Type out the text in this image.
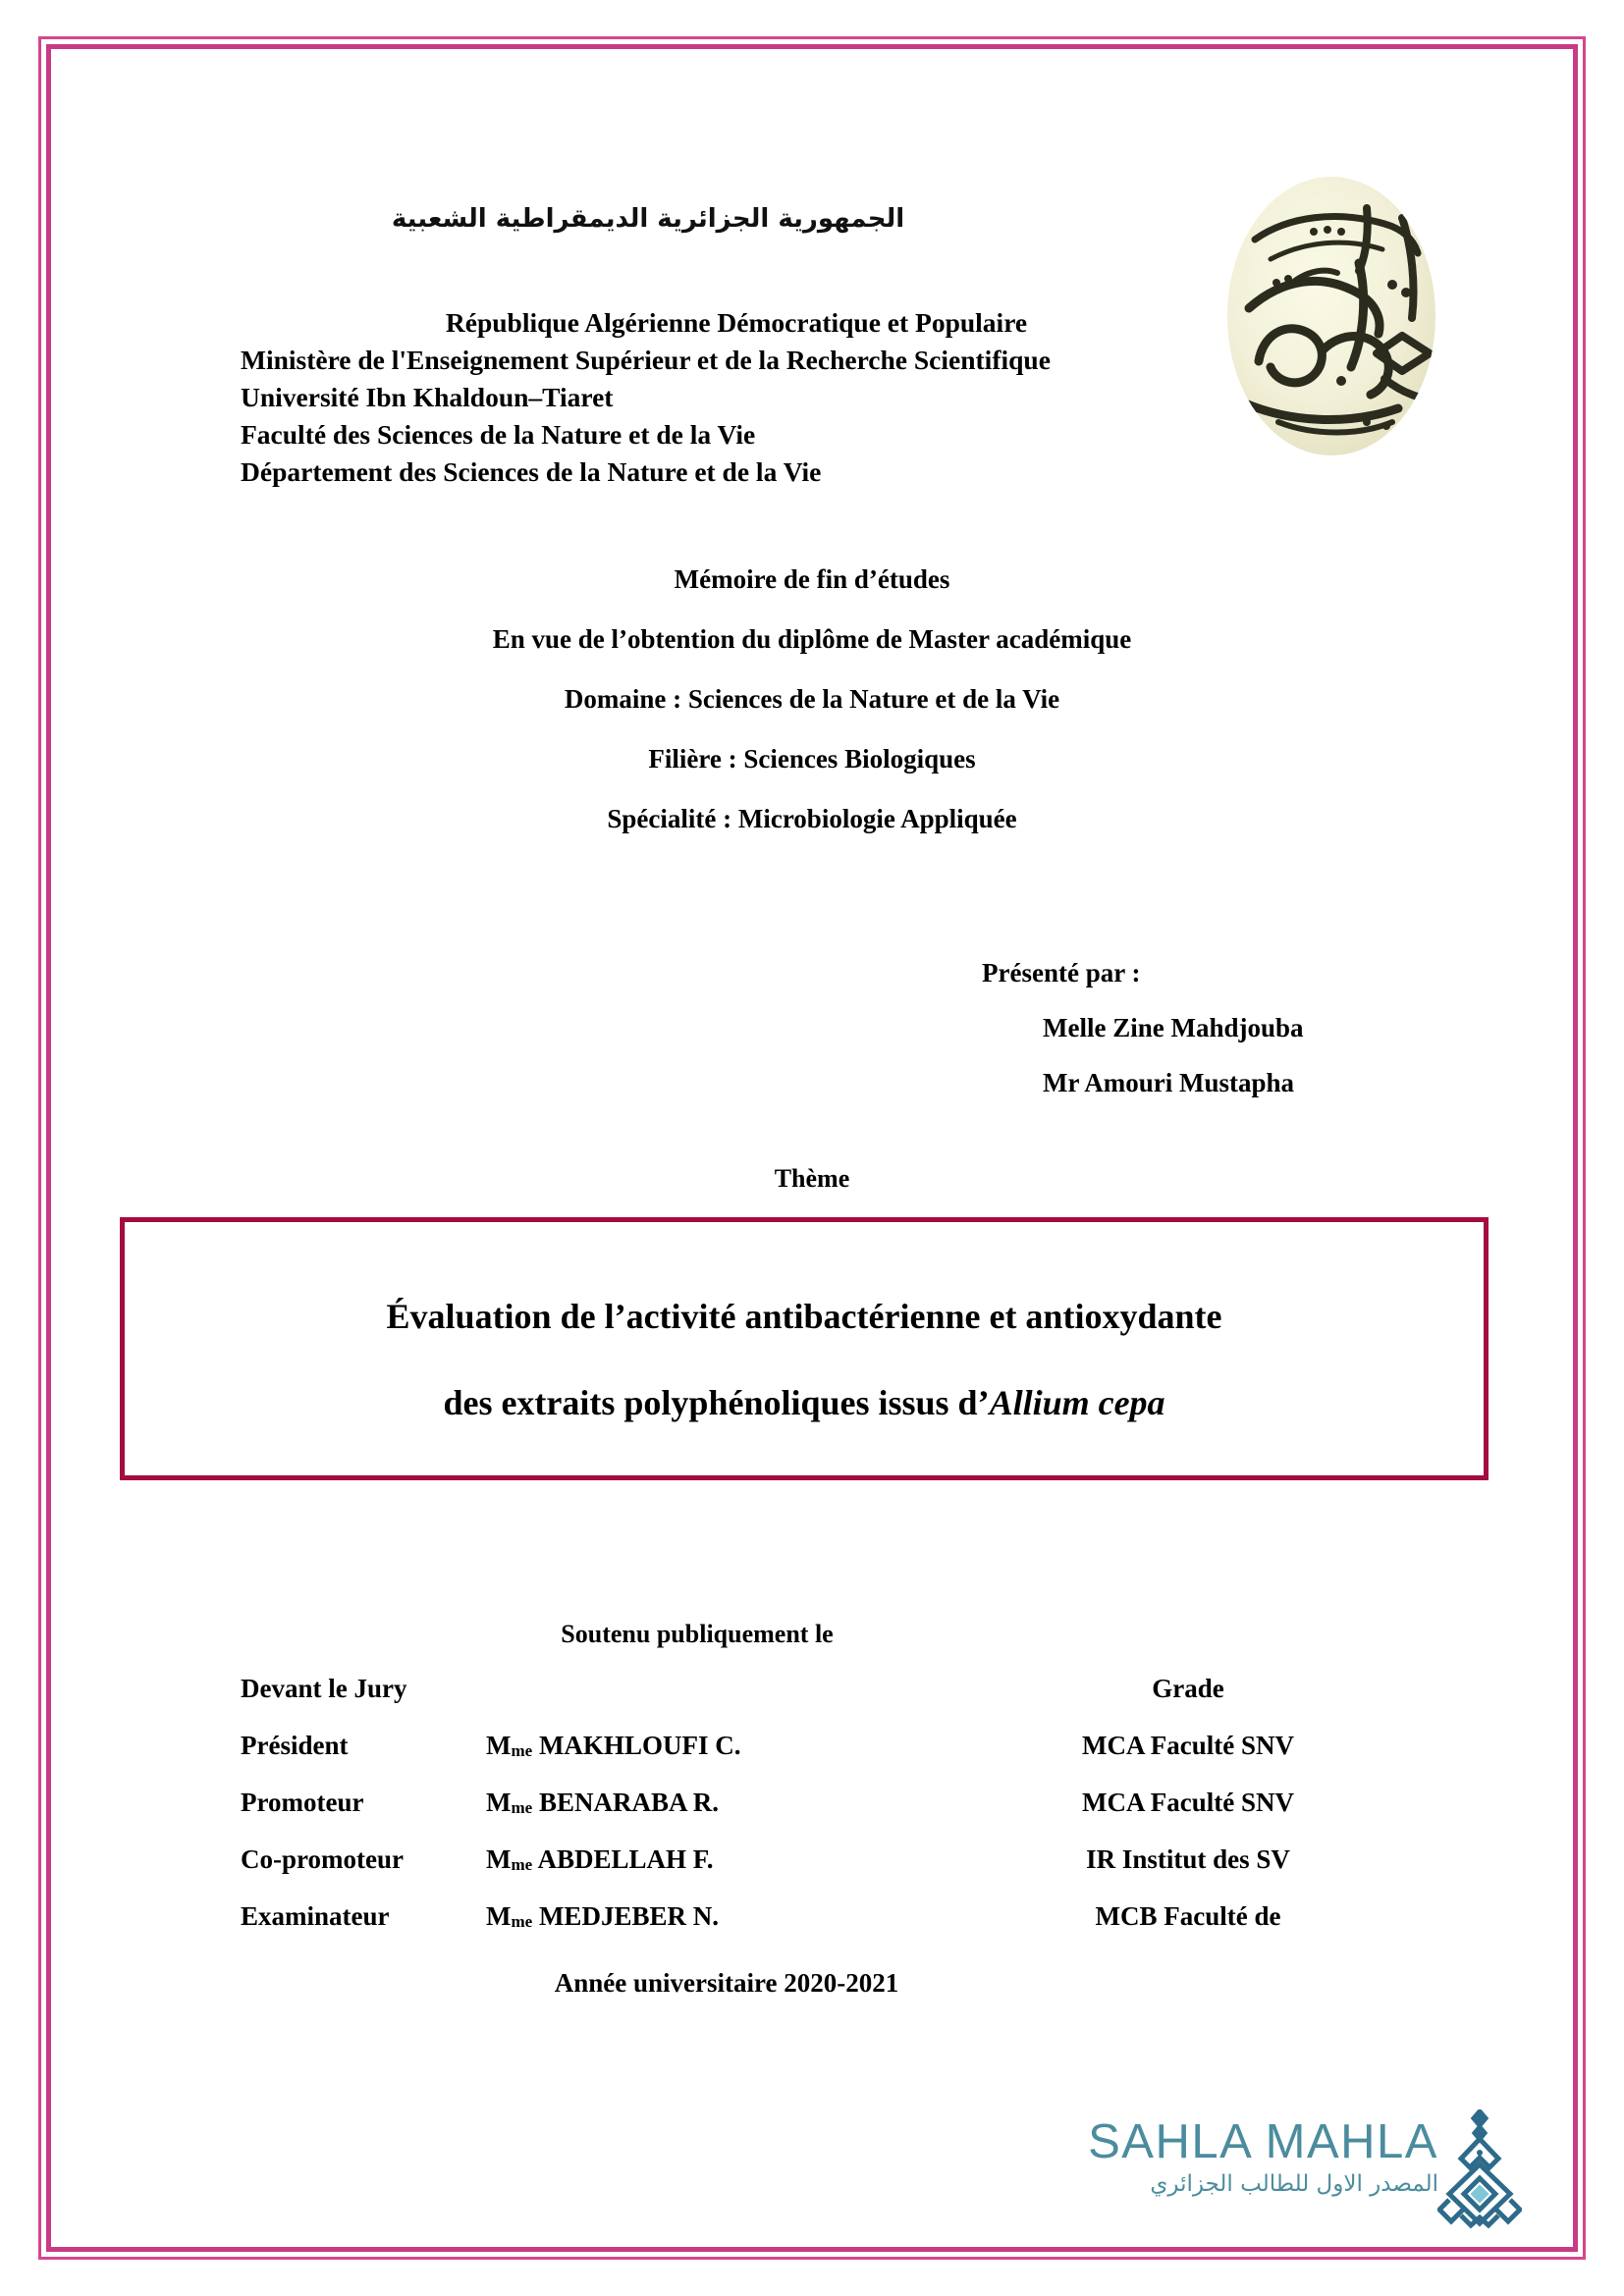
الجمهورية الجزائرية الديمقراطية الشعبية
République Algérienne Démocratique et Populaire
Ministère de l'Enseignement Supérieur et de la Recherche Scientifique
Université Ibn Khaldoun–Tiaret
Faculté des Sciences de la Nature et de la Vie
Département des Sciences de la Nature et de la Vie
Mémoire de fin d’études
En vue de l’obtention du diplôme de Master académique
Domaine : Sciences de la Nature et de la Vie
Filière : Sciences Biologiques
Spécialité : Microbiologie Appliquée
Présenté par :
Melle Zine Mahdjouba
Mr Amouri Mustapha
Thème
Évaluation de l’activité antibactérienne et antioxydante
des extraits polyphénoliques issus d’Allium cepa
Soutenu publiquement le
Devant le Jury	Grade
Président	$M_{me}$ MAKHLOUFI C.	MCA Faculté SNV
Promoteur	$M_{me}$ BENARABA R.	MCA Faculté SNV
Co-promoteur	$M_{me}$ ABDELLAH F.	IR Institut des SV
Examinateur	$M_{me}$ MEDJEBER N.	MCB Faculté de
Année universitaire 2020-2021
SAHLA MAHLA
المصدر الاول للطالب الجزائري
